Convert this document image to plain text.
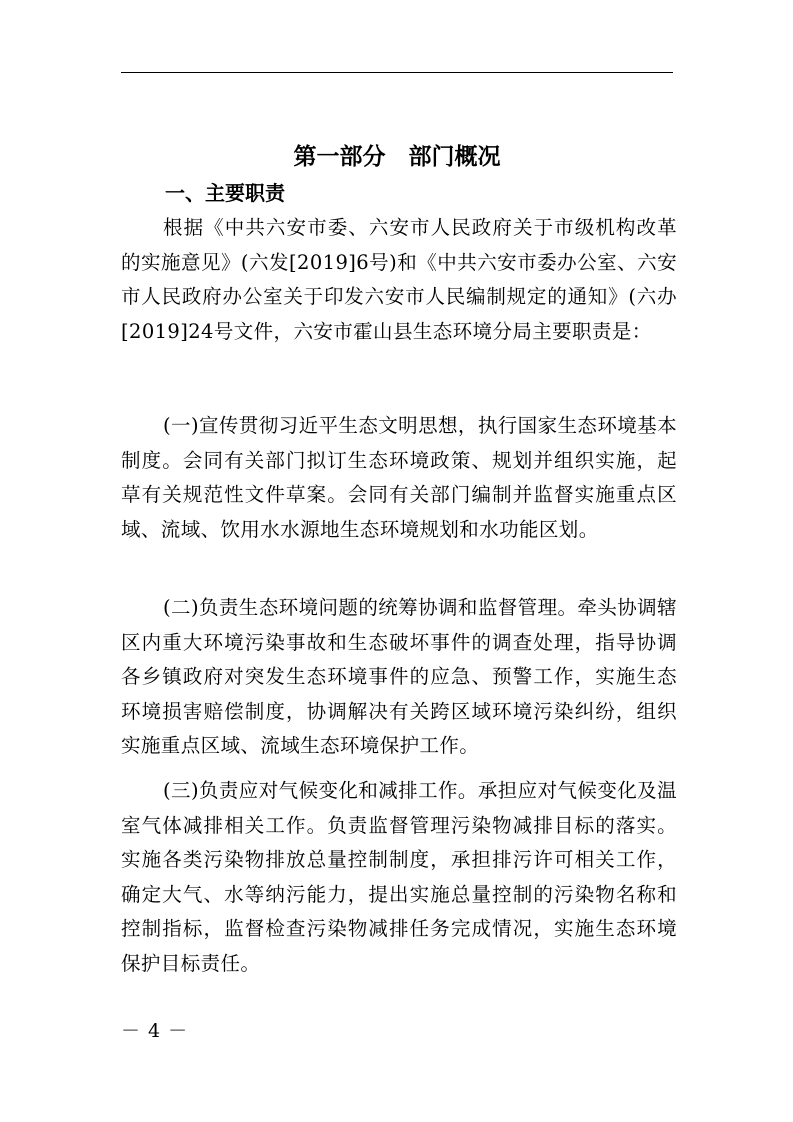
第一部分　部门概况
一、主要职责

根据《中共六安市委、六安市人民政府关于市级机构改革的实施意见》(六发[2019]6号)和《中共六安市委办公室、六安市人民政府办公室关于印发六安市人民编制规定的通知》(六办[2019]24号文件，六安市霍山县生态环境分局主要职责是：

(一)宣传贯彻习近平生态文明思想，执行国家生态环境基本制度。会同有关部门拟订生态环境政策、规划并组织实施，起草有关规范性文件草案。会同有关部门编制并监督实施重点区域、流域、饮用水水源地生态环境规划和水功能区划。

(二)负责生态环境问题的统筹协调和监督管理。牵头协调辖区内重大环境污染事故和生态破坏事件的调查处理，指导协调各乡镇政府对突发生态环境事件的应急、预警工作，实施生态环境损害赔偿制度，协调解决有关跨区域环境污染纠纷，组织实施重点区域、流域生态环境保护工作。

(三)负责应对气候变化和减排工作。承担应对气候变化及温室气体减排相关工作。负责监督管理污染物减排目标的落实。实施各类污染物排放总量控制制度，承担排污许可相关工作，确定大气、水等纳污能力，提出实施总量控制的污染物名称和控制指标，监督检查污染物减排任务完成情况，实施生态环境保护目标责任。

－ 4 －
